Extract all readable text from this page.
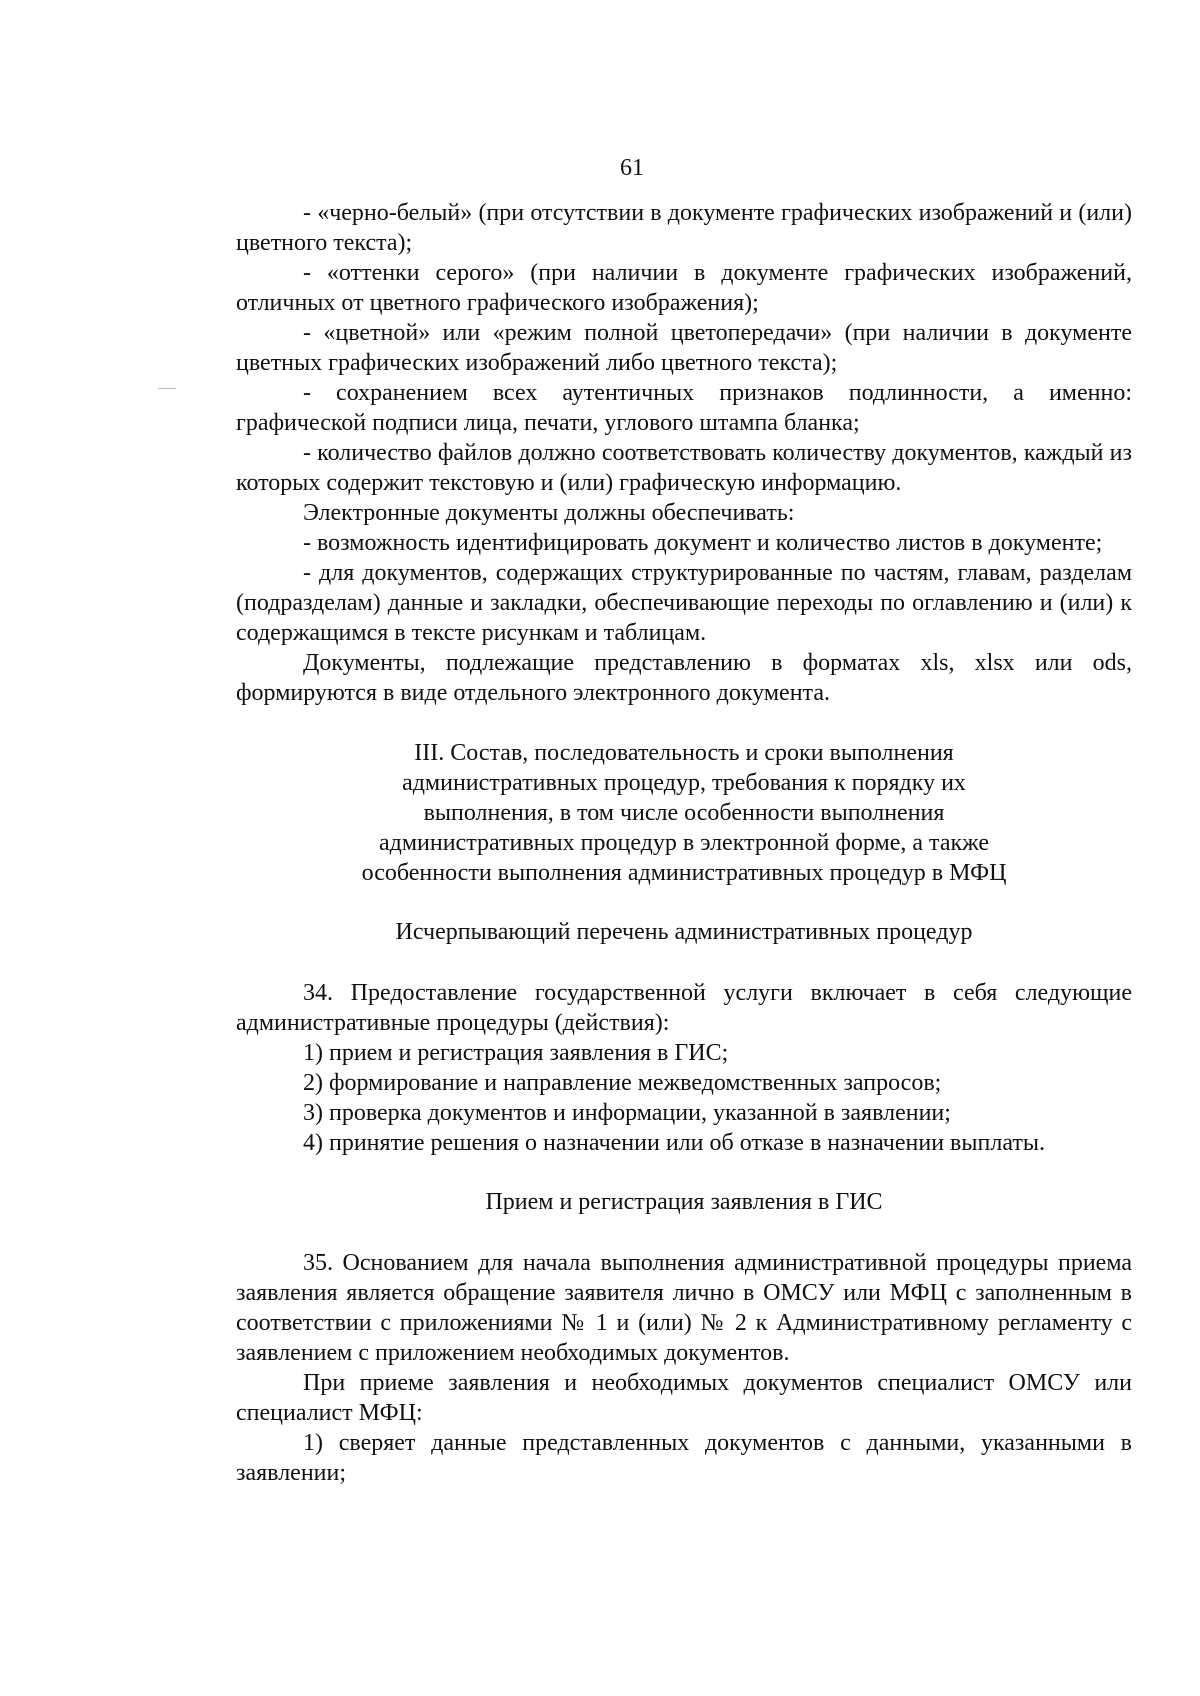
61

- «черно-белый» (при отсутствии в документе графических изображений и (или) цветного текста);

- «оттенки серого» (при наличии в документе графических изображений, отличных от цветного графического изображения);

- «цветной» или «режим полной цветопередачи» (при наличии в документе цветных графических изображений либо цветного текста);

- сохранением всех аутентичных признаков подлинности, а именно: графической подписи лица, печати, углового штампа бланка;

- количество файлов должно соответствовать количеству документов, каждый из которых содержит текстовую и (или) графическую информацию.

Электронные документы должны обеспечивать:

- возможность идентифицировать документ и количество листов в документе;

- для документов, содержащих структурированные по частям, главам, разделам (подразделам) данные и закладки, обеспечивающие переходы по оглавлению и (или) к содержащимся в тексте рисункам и таблицам.

Документы, подлежащие представлению в форматах xls, xlsx или ods, формируются в виде отдельного электронного документа.

III. Состав, последовательность и сроки выполнения
административных процедур, требования к порядку их
выполнения, в том числе особенности выполнения
административных процедур в электронной форме, а также
особенности выполнения административных процедур в МФЦ

Исчерпывающий перечень административных процедур

34. Предоставление государственной услуги включает в себя следующие административные процедуры (действия):

1) прием и регистрация заявления в ГИС;

2) формирование и направление межведомственных запросов;

3) проверка документов и информации, указанной в заявлении;

4) принятие решения о назначении или об отказе в назначении выплаты.

Прием и регистрация заявления в ГИС

35. Основанием для начала выполнения административной процедуры приема заявления является обращение заявителя лично в ОМСУ или МФЦ с заполненным в соответствии с приложениями № 1 и (или) № 2 к Административному регламенту с заявлением с приложением необходимых документов.

При приеме заявления и необходимых документов специалист ОМСУ или специалист МФЦ:

1) сверяет данные представленных документов с данными, указанными в заявлении;
